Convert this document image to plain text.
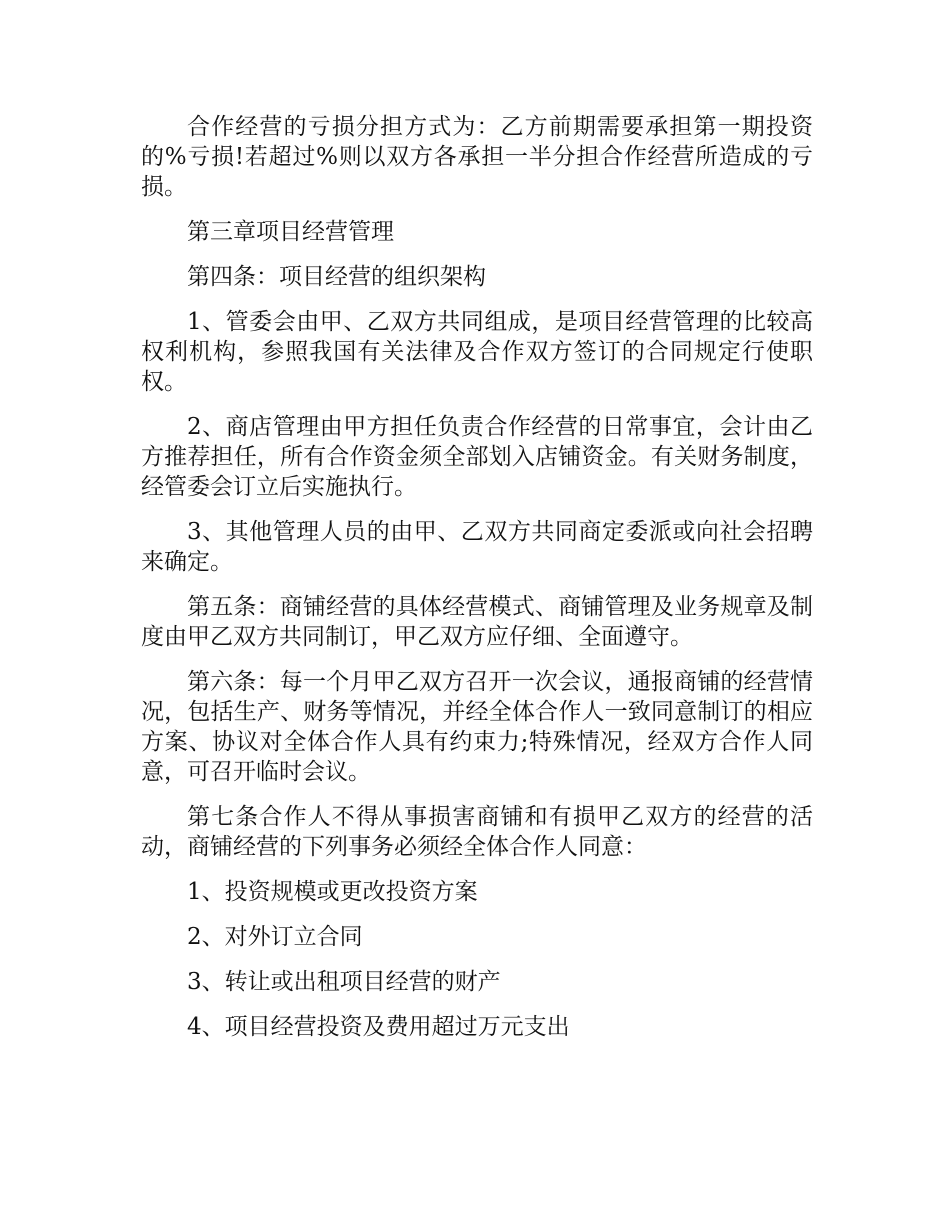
合作经营的亏损分担方式为：乙方前期需要承担第一期投资的%亏损!若超过%则以双方各承担一半分担合作经营所造成的亏损。

第三章项目经营管理

第四条：项目经营的组织架构

1、管委会由甲、乙双方共同组成，是项目经营管理的比较高权利机构，参照我国有关法律及合作双方签订的合同规定行使职权。

2、商店管理由甲方担任负责合作经营的日常事宜，会计由乙方推荐担任，所有合作资金须全部划入店铺资金。有关财务制度，经管委会订立后实施执行。

3、其他管理人员的由甲、乙双方共同商定委派或向社会招聘来确定。

第五条：商铺经营的具体经营模式、商铺管理及业务规章及制度由甲乙双方共同制订，甲乙双方应仔细、全面遵守。

第六条：每一个月甲乙双方召开一次会议，通报商铺的经营情况，包括生产、财务等情况，并经全体合作人一致同意制订的相应方案、协议对全体合作人具有约束力;特殊情况，经双方合作人同意，可召开临时会议。

第七条合作人不得从事损害商铺和有损甲乙双方的经营的活动，商铺经营的下列事务必须经全体合作人同意：

1、投资规模或更改投资方案

2、对外订立合同

3、转让或出租项目经营的财产

4、项目经营投资及费用超过万元支出
